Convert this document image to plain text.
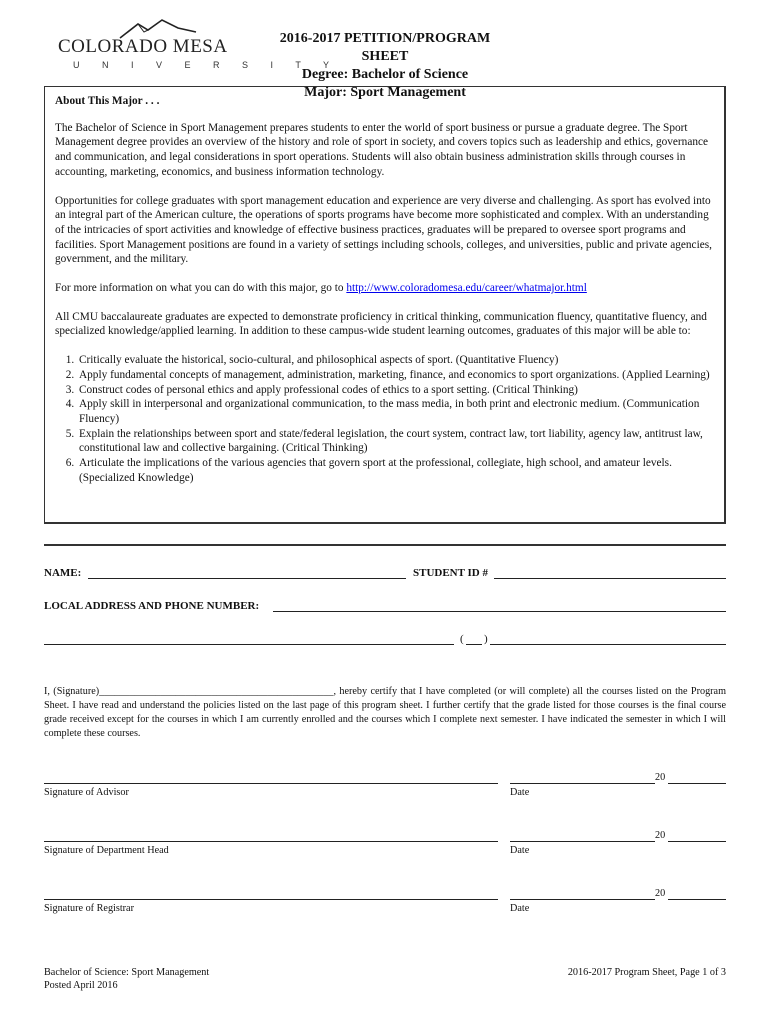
COLORADO MESA
U N I V E R S I T Y
2016-2017 PETITION/PROGRAM SHEET
Degree: Bachelor of Science
Major: Sport Management

About This Major . . .

The Bachelor of Science in Sport Management prepares students to enter the world of sport business or pursue a graduate degree. The Sport Management degree provides an overview of the history and role of sport in society, and covers topics such as leadership and ethics, governance and communication, and legal considerations in sport operations. Students will also obtain business administration skills through courses in accounting, marketing, economics, and business information technology.

Opportunities for college graduates with sport management education and experience are very diverse and challenging. As sport has evolved into an integral part of the American culture, the operations of sports programs have become more sophisticated and complex. With an understanding of the intricacies of sport activities and knowledge of effective business practices, graduates will be prepared to oversee sport programs and facilities. Sport Management positions are found in a variety of settings including schools, colleges, and universities, public and private agencies, government, and the military.

For more information on what you can do with this major, go to http://www.coloradomesa.edu/career/whatmajor.html

All CMU baccalaureate graduates are expected to demonstrate proficiency in critical thinking, communication fluency, quantitative fluency, and specialized knowledge/applied learning. In addition to these campus-wide student learning outcomes, graduates of this major will be able to:

1. Critically evaluate the historical, socio-cultural, and philosophical aspects of sport. (Quantitative Fluency)
2. Apply fundamental concepts of management, administration, marketing, finance, and economics to sport organizations. (Applied Learning)
3. Construct codes of personal ethics and apply professional codes of ethics to a sport setting. (Critical Thinking)
4. Apply skill in interpersonal and organizational communication, to the mass media, in both print and electronic medium. (Communication Fluency)
5. Explain the relationships between sport and state/federal legislation, the court system, contract law, tort liability, agency law, antitrust law, constitutional law and collective bargaining. (Critical Thinking)
6. Articulate the implications of the various agencies that govern sport at the professional, collegiate, high school, and amateur levels. (Specialized Knowledge)
NAME:	STUDENT ID #
LOCAL ADDRESS AND PHONE NUMBER:
( )
I, (Signature)______________________________________________, hereby certify that I have completed (or will complete) all the courses listed on the Program Sheet. I have read and understand the policies listed on the last page of this program sheet. I further certify that the grade listed for those courses is the final course grade received except for the courses in which I am currently enrolled and the courses which I complete next semester. I have indicated the semester in which I will complete these courses.
Signature of Advisor
20
Date
Signature of Department Head
20
Date
Signature of Registrar
20
Date
Bachelor of Science: Sport Management
Posted April 2016
2016-2017 Program Sheet, Page 1 of 3
